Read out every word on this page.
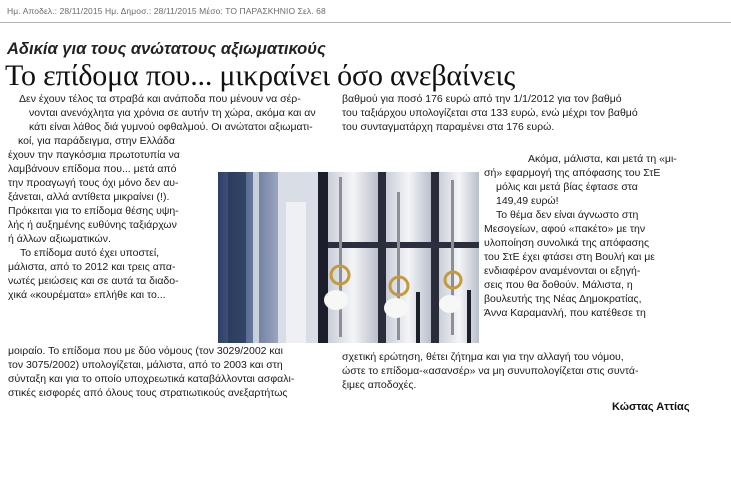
Ημ. Αποδελ.: 28/11/2015 Ημ. Δημοσ.: 28/11/2015 Μέσο: ΤΟ ΠΑΡΑΣΚΗΝΙΟ Σελ. 68
Αδικία για τους ανώτατους αξιωματικούς
Το επίδομα που... μικραίνει όσο ανεβαίνεις
Δεν έχουν τέλος τα στραβά και ανάποδα που μένουν να σέρ-
νονται ανενόχλητα για χρόνια σε αυτήν τη χώρα, ακόμα και αν
κάτι είναι λάθος διά γυμνού οφθαλμού. Οι ανώτατοι αξιωματι-
κοί, για παράδειγμα, στην Ελλάδα
έχουν την παγκόσμια πρωτοτυπία να
λαμβάνουν επίδομα που... μετά από
την προαγωγή τους όχι μόνο δεν αυ-
ξάνεται, αλλά αντίθετα μικραίνει (!).
Πρόκειται για το επίδομα θέσης υψη-
λής ή αυξημένης ευθύνης ταξιάρχων
ή άλλων αξιωματικών.
Το επίδομα αυτό έχει υποστεί,
μάλιστα, από το 2012 και τρεις απα-
νωτές μειώσεις και σε αυτά τα διαδο-
χικά «κουρέματα» επλήθε και το...
μοιραίο. Το επίδομα που με δύο νόμους (τον 3029/2002 και
τον 3075/2002) υπολογίζεται, μάλιστα, από το 2003 και στη
σύνταξη και για το οποίο υποχρεωτικά καταβάλλονται ασφαλι-
στικές εισφορές από όλους τους στρατιωτικούς ανεξαρτήτως
βαθμού για ποσό 176 ευρώ από την 1/1/2012 για τον βαθμό
του ταξιάρχου υπολογίζεται στα 133 ευρώ, ενώ μέχρι τον βαθμό
του συνταγματάρχη παραμένει στα 176 ευρώ.
Ακόμα, μάλιστα, και μετά τη «μι-
σή» εφαρμογή της απόφασης του ΣτΕ
μόλις και μετά βίας έφτασε στα
149,49 ευρώ!
Το θέμα δεν είναι άγνωστο στη
Μεσογείων, αφού «πακέτο» με την
υλοποίηση συνολικά της απόφασης
του ΣτΕ έχει φτάσει στη Βουλή και με
ενδιαφέρον αναμένονται οι εξηγή-
σεις που θα δοθούν. Μάλιστα, η
βουλευτής της Νέας Δημοκρατίας,
Άννα Καραμανλή, που κατέθεσε τη
σχετική ερώτηση, θέτει ζήτημα και για την αλλαγή του νόμου,
ώστε το επίδομα-«ασανσέρ» να μη συνυπολογίζεται στις συντά-
ξιμες αποδοχές.
Κώστας Αττίας
